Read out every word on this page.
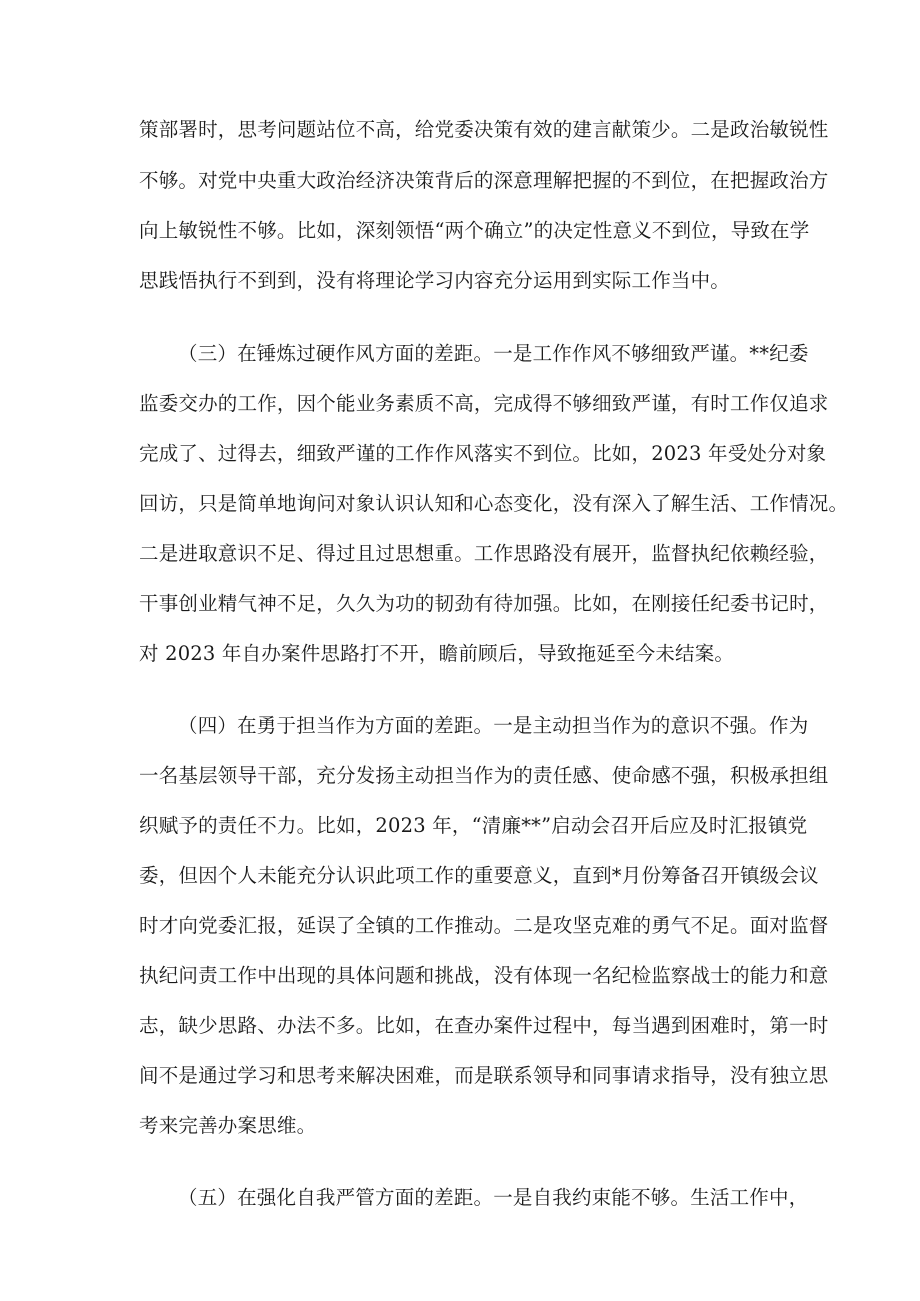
策部署时，思考问题站位不高，给党委决策有效的建言献策少。二是政治敏锐性
不够。对党中央重大政治经济决策背后的深意理解把握的不到位，在把握政治方
向上敏锐性不够。比如，深刻领悟“两个确立”的决定性意义不到位，导致在学
思践悟执行不到到，没有将理论学习内容充分运用到实际工作当中。
（三）在锤炼过硬作风方面的差距。一是工作作风不够细致严谨。**纪委
监委交办的工作，因个能业务素质不高，完成得不够细致严谨，有时工作仅追求
完成了、过得去，细致严谨的工作作风落实不到位。比如，2023 年受处分对象
回访，只是简单地询问对象认识认知和心态变化，没有深入了解生活、工作情况。
二是进取意识不足、得过且过思想重。工作思路没有展开，监督执纪依赖经验，
干事创业精气神不足，久久为功的韧劲有待加强。比如，在刚接任纪委书记时，
对 2023 年自办案件思路打不开，瞻前顾后，导致拖延至今未结案。
（四）在勇于担当作为方面的差距。一是主动担当作为的意识不强。作为
一名基层领导干部，充分发扬主动担当作为的责任感、使命感不强，积极承担组
织赋予的责任不力。比如，2023 年，“清廉**”启动会召开后应及时汇报镇党
委，但因个人未能充分认识此项工作的重要意义，直到*月份筹备召开镇级会议
时才向党委汇报，延误了全镇的工作推动。二是攻坚克难的勇气不足。面对监督
执纪问责工作中出现的具体问题和挑战，没有体现一名纪检监察战士的能力和意
志，缺少思路、办法不多。比如，在查办案件过程中，每当遇到困难时，第一时
间不是通过学习和思考来解决困难，而是联系领导和同事请求指导，没有独立思
考来完善办案思维。
（五）在强化自我严管方面的差距。一是自我约束能不够。生活工作中，
